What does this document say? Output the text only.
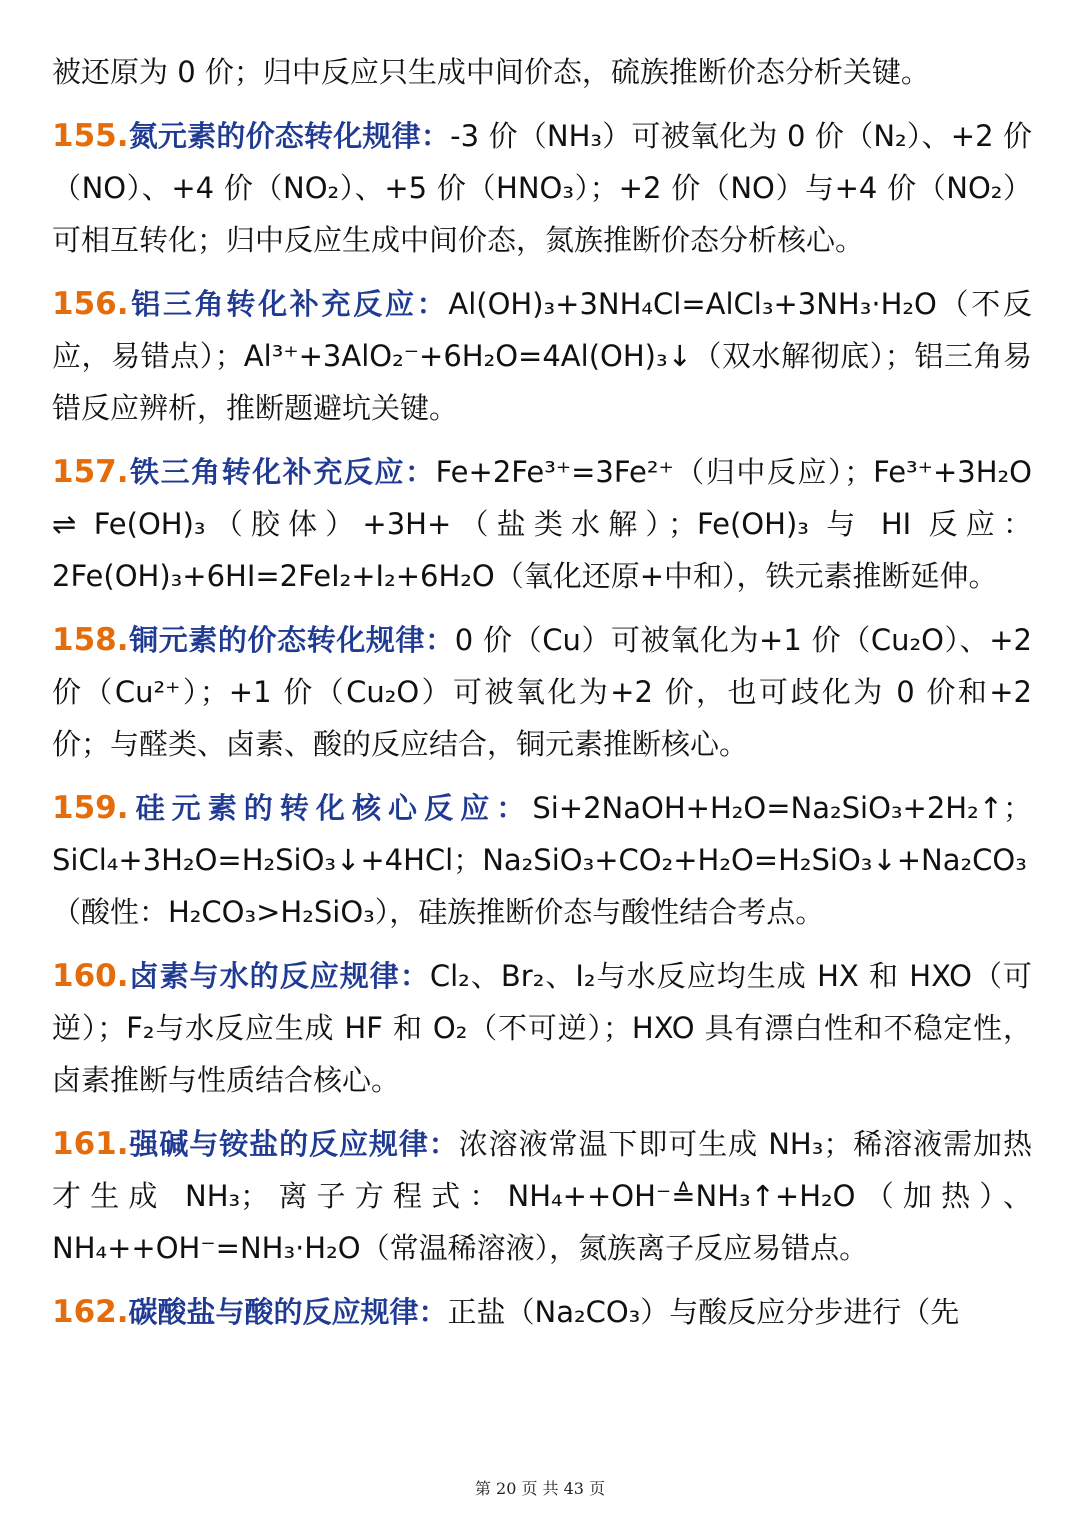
被还原为 0 价；归中反应只生成中间价态，硫族推断价态分析关键。

155.氮元素的价态转化规律：-3 价（NH₃）可被氧化为 0 价（N₂）、+2 价（NO）、+4 价（NO₂）、+5 价（HNO₃）；+2 价（NO）与+4 价（NO₂）可相互转化；归中反应生成中间价态，氮族推断价态分析核心。

156.铝三角转化补充反应：Al(OH)₃+3NH₄Cl=AlCl₃+3NH₃·H₂O（不反应，易错点）；Al³⁺+3AlO₂⁻+6H₂O=4Al(OH)₃↓（双水解彻底）；铝三角易错反应辨析，推断题避坑关键。

157.铁三角转化补充反应：Fe+2Fe³⁺=3Fe²⁺（归中反应）；Fe³⁺+3H₂O ⇌ Fe(OH)₃（胶体）+3H+（盐类水解）；Fe(OH)₃ 与 HI 反应：2Fe(OH)₃+6HI=2FeI₂+I₂+6H₂O（氧化还原+中和），铁元素推断延伸。

158.铜元素的价态转化规律：0 价（Cu）可被氧化为+1 价（Cu₂O）、+2 价（Cu²⁺）；+1 价（Cu₂O）可被氧化为+2 价，也可歧化为 0 价和+2 价；与醛类、卤素、酸的反应结合，铜元素推断核心。

159.硅元素的转化核心反应：Si+2NaOH+H₂O=Na₂SiO₃+2H₂↑；SiCl₄+3H₂O=H₂SiO₃↓+4HCl；Na₂SiO₃+CO₂+H₂O=H₂SiO₃↓+Na₂CO₃（酸性：H₂CO₃>H₂SiO₃），硅族推断价态与酸性结合考点。

160.卤素与水的反应规律：Cl₂、Br₂、I₂与水反应均生成 HX 和 HXO（可逆）；F₂与水反应生成 HF 和 O₂（不可逆）；HXO 具有漂白性和不稳定性，卤素推断与性质结合核心。

161.强碱与铵盐的反应规律：浓溶液常温下即可生成 NH₃；稀溶液需加热才生成 NH₃；离子方程式：NH₄++OH⁻≜NH₃↑+H₂O（加热）、NH₄++OH⁻=NH₃·H₂O（常温稀溶液），氮族离子反应易错点。

162.碳酸盐与酸的反应规律：正盐（Na₂CO₃）与酸反应分步进行（先

第 20 页 共 43 页
